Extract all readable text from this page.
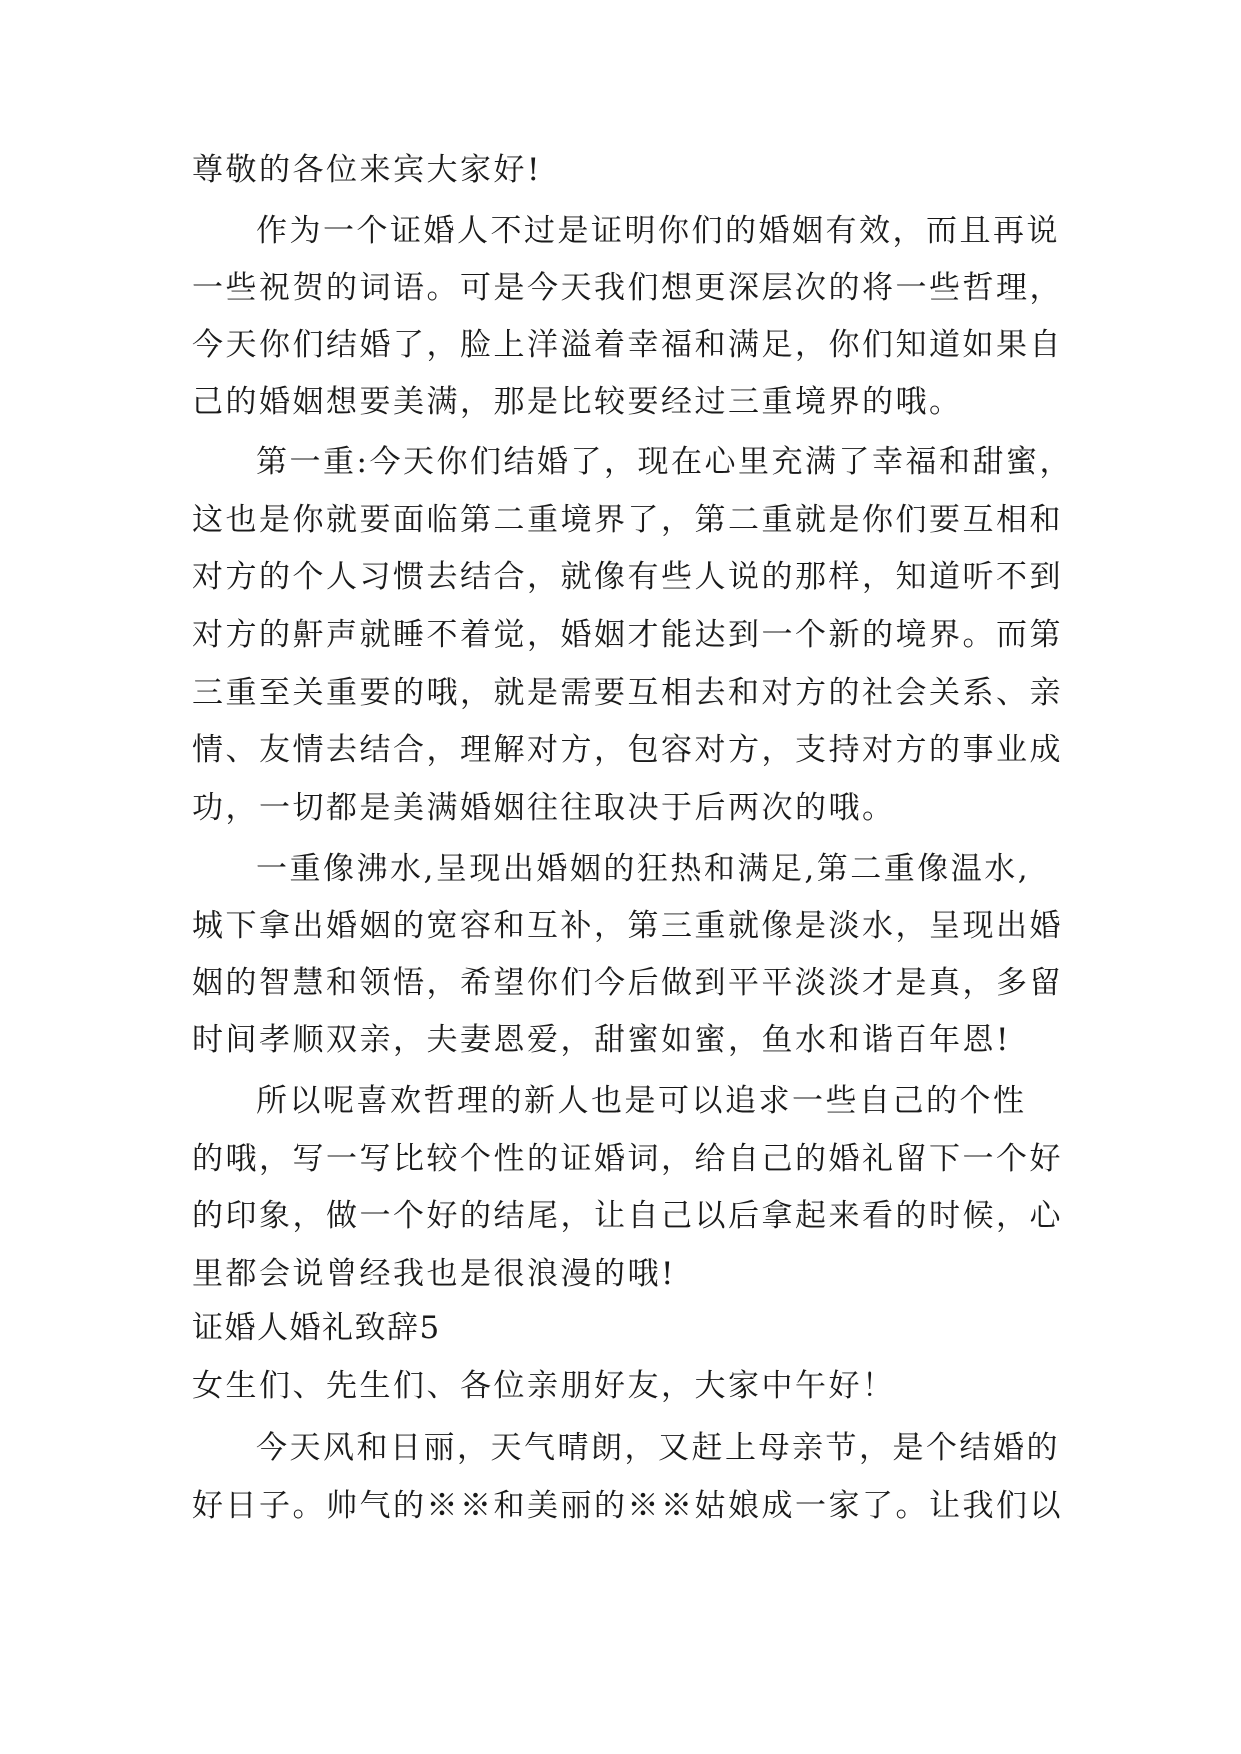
尊敬的各位来宾大家好!

作为一个证婚人不过是证明你们的婚姻有效，而且再说

一些祝贺的词语。可是今天我们想更深层次的将一些哲理，

今天你们结婚了，脸上洋溢着幸福和满足，你们知道如果自

己的婚姻想要美满，那是比较要经过三重境界的哦。

第一重:今天你们结婚了，现在心里充满了幸福和甜蜜，

这也是你就要面临第二重境界了，第二重就是你们要互相和

对方的个人习惯去结合，就像有些人说的那样，知道听不到

对方的鼾声就睡不着觉，婚姻才能达到一个新的境界。而第

三重至关重要的哦，就是需要互相去和对方的社会关系、亲

情、友情去结合，理解对方，包容对方，支持对方的事业成

功，一切都是美满婚姻往往取决于后两次的哦。

一重像沸水,呈现出婚姻的狂热和满足,第二重像温水,

城下拿出婚姻的宽容和互补，第三重就像是淡水，呈现出婚

姻的智慧和领悟，希望你们今后做到平平淡淡才是真，多留

时间孝顺双亲，夫妻恩爱，甜蜜如蜜，鱼水和谐百年恩!

所以呢喜欢哲理的新人也是可以追求一些自己的个性

的哦，写一写比较个性的证婚词，给自己的婚礼留下一个好

的印象，做一个好的结尾，让自己以后拿起来看的时候，心

里都会说曾经我也是很浪漫的哦!

证婚人婚礼致辞5

女生们、先生们、各位亲朋好友，大家中午好！

今天风和日丽，天气晴朗，又赶上母亲节，是个结婚的

好日子。帅气的※※和美丽的※※姑娘成一家了。让我们以
